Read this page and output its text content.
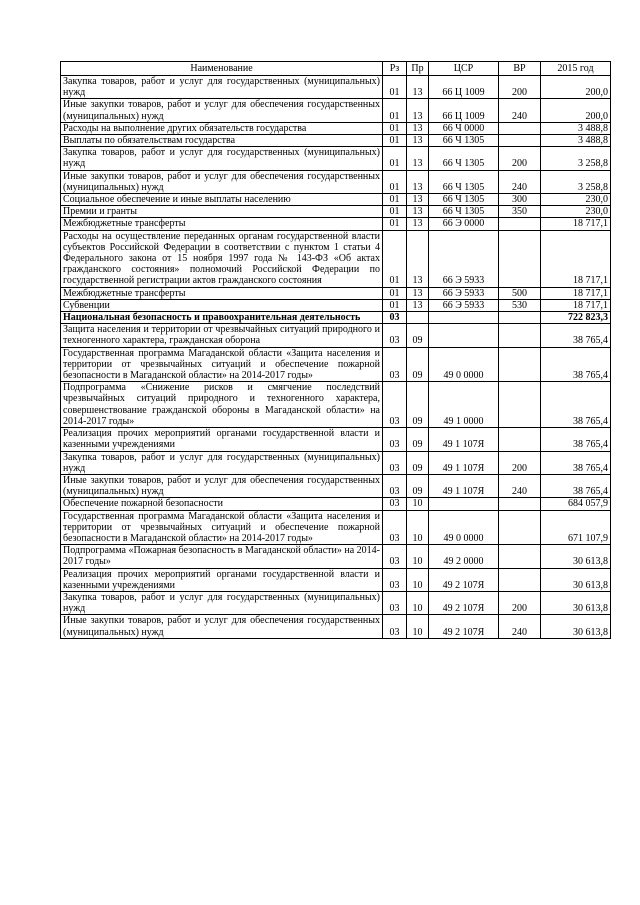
Наименование	Рз	Пр	ЦСР	ВР	2015 год
Закупка товаров, работ и услуг для государственных (муниципальных) нужд	01	13	66 Ц 1009	200	200,0
Иные закупки товаров, работ и услуг для обеспечения государственных (муниципальных) нужд	01	13	66 Ц 1009	240	200,0
Расходы на выполнение других обязательств государства	01	13	66 Ч 0000		3 488,8
Выплаты по обязательствам государства	01	13	66 Ч 1305		3 488,8
Закупка товаров, работ и услуг для государственных (муниципальных) нужд	01	13	66 Ч 1305	200	3 258,8
Иные закупки товаров, работ и услуг для обеспечения государственных (муниципальных) нужд	01	13	66 Ч 1305	240	3 258,8
Социальное обеспечение и иные выплаты населению	01	13	66 Ч 1305	300	230,0
Премии и гранты	01	13	66 Ч 1305	350	230,0
Межбюджетные трансферты	01	13	66 Э 0000		18 717,1
Расходы на осуществление переданных органам государственной власти субъектов Российской Федерации в соответствии с пунктом 1 статьи 4 Федерального закона от 15 ноября 1997 года № 143-ФЗ «Об актах гражданского состояния» полномочий Российской Федерации по государственной регистрации актов гражданского состояния	01	13	66 Э 5933		18 717,1
Межбюджетные трансферты	01	13	66 Э 5933	500	18 717,1
Субвенции	01	13	66 Э 5933	530	18 717,1
Национальная безопасность и правоохранительная деятельность	03				722 823,3
Защита населения и территории от чрезвычайных ситуаций природного и техногенного характера, гражданская оборона	03	09			38 765,4
Государственная программа Магаданской области «Защита населения и территории от чрезвычайных ситуаций и обеспечение пожарной безопасности в Магаданской области» на 2014-2017 годы»	03	09	49 0 0000		38 765,4
Подпрограмма «Снижение рисков и смягчение последствий чрезвычайных ситуаций природного и техногенного характера, совершенствование гражданской обороны в Магаданской области» на 2014-2017 годы»	03	09	49 1 0000		38 765,4
Реализация прочих мероприятий органами государственной власти и казенными учреждениями	03	09	49 1 107Я		38 765,4
Закупка товаров, работ и услуг для государственных (муниципальных) нужд	03	09	49 1 107Я	200	38 765,4
Иные закупки товаров, работ и услуг для обеспечения государственных (муниципальных) нужд	03	09	49 1 107Я	240	38 765,4
Обеспечение пожарной безопасности	03	10			684 057,9
Государственная программа Магаданской области «Защита населения и территории от чрезвычайных ситуаций и обеспечение пожарной безопасности в Магаданской области» на 2014-2017 годы»	03	10	49 0 0000		671 107,9
Подпрограмма «Пожарная безопасность в Магаданской области» на 2014-2017 годы»	03	10	49 2 0000		30 613,8
Реализация прочих мероприятий органами государственной власти и казенными учреждениями	03	10	49 2 107Я		30 613,8
Закупка товаров, работ и услуг для государственных (муниципальных) нужд	03	10	49 2 107Я	200	30 613,8
Иные закупки товаров, работ и услуг для обеспечения государственных (муниципальных) нужд	03	10	49 2 107Я	240	30 613,8
